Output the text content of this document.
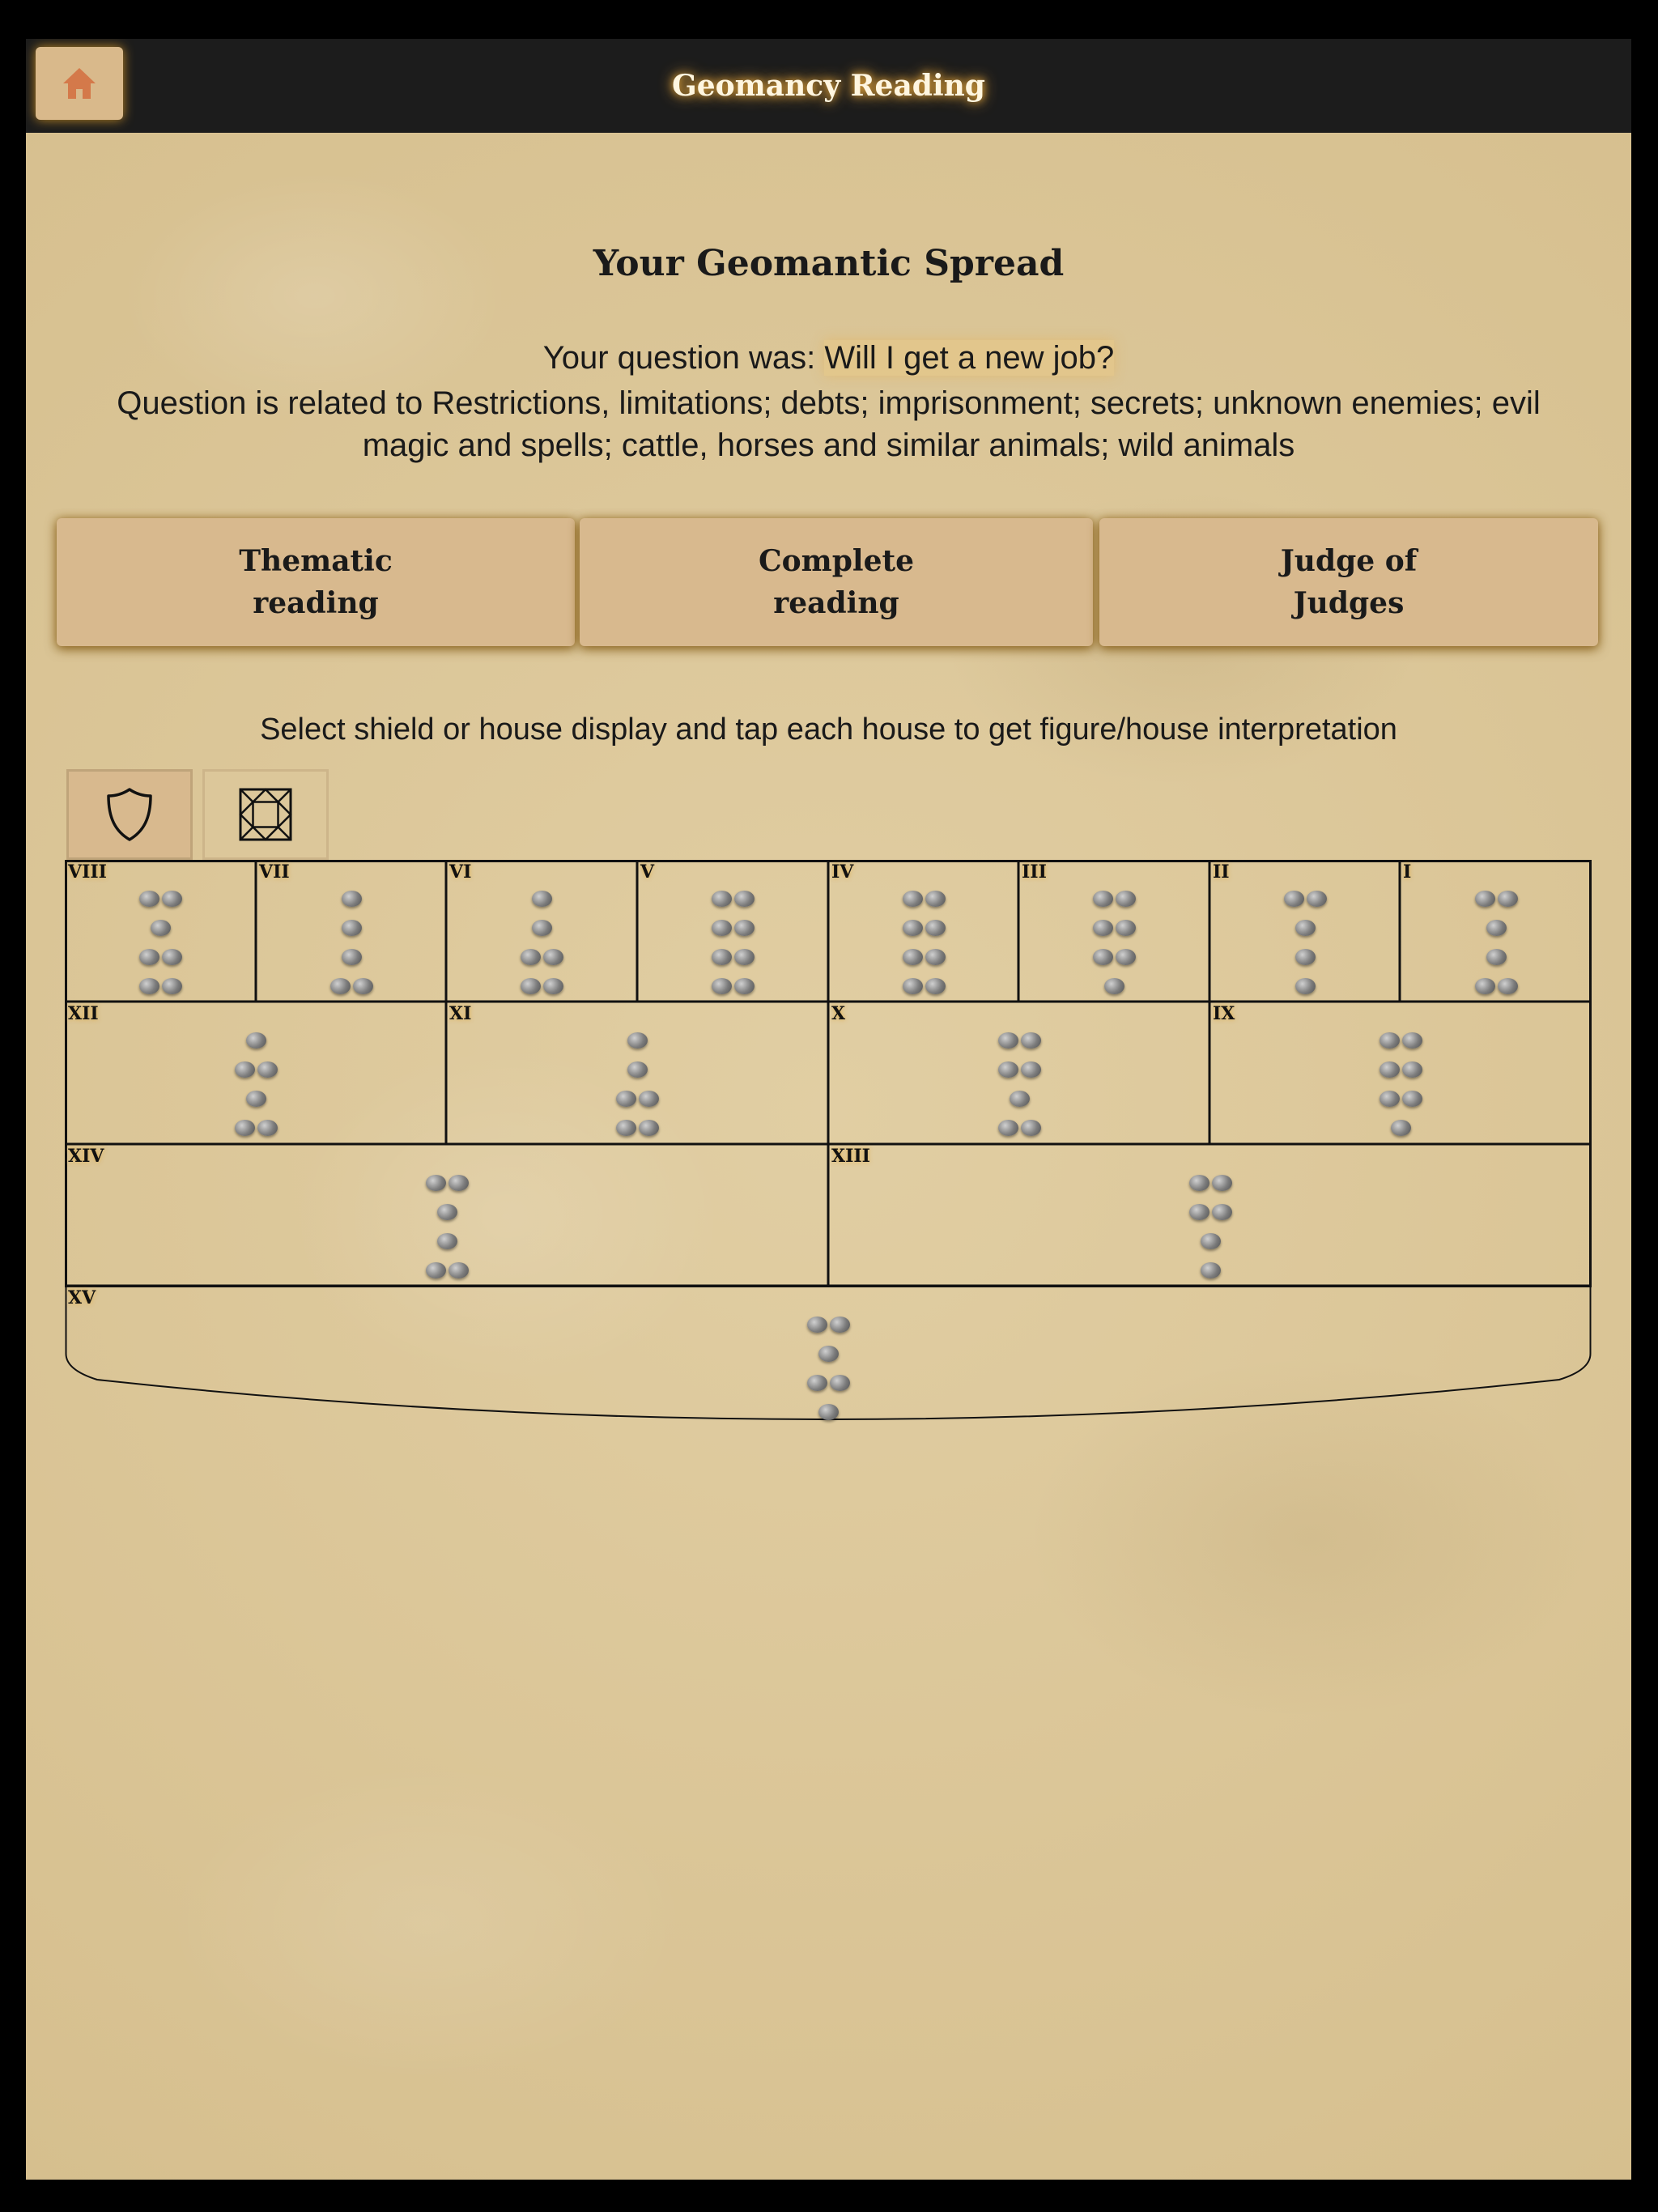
Geomancy Reading
Your Geomantic Spread
Your question was: Will I get a new job?
Question is related to Restrictions, limitations; debts; imprisonment; secrets; unknown enemies; evil magic and spells; cattle, horses and similar animals; wild animals
Thematic reading
Complete reading
Judge of Judges
Select shield or house display and tap each house to get figure/house interpretation
VIII	VII	VI	V	IV	III	II	I
XII	XI	X	IX
XIV	XIII
XV
